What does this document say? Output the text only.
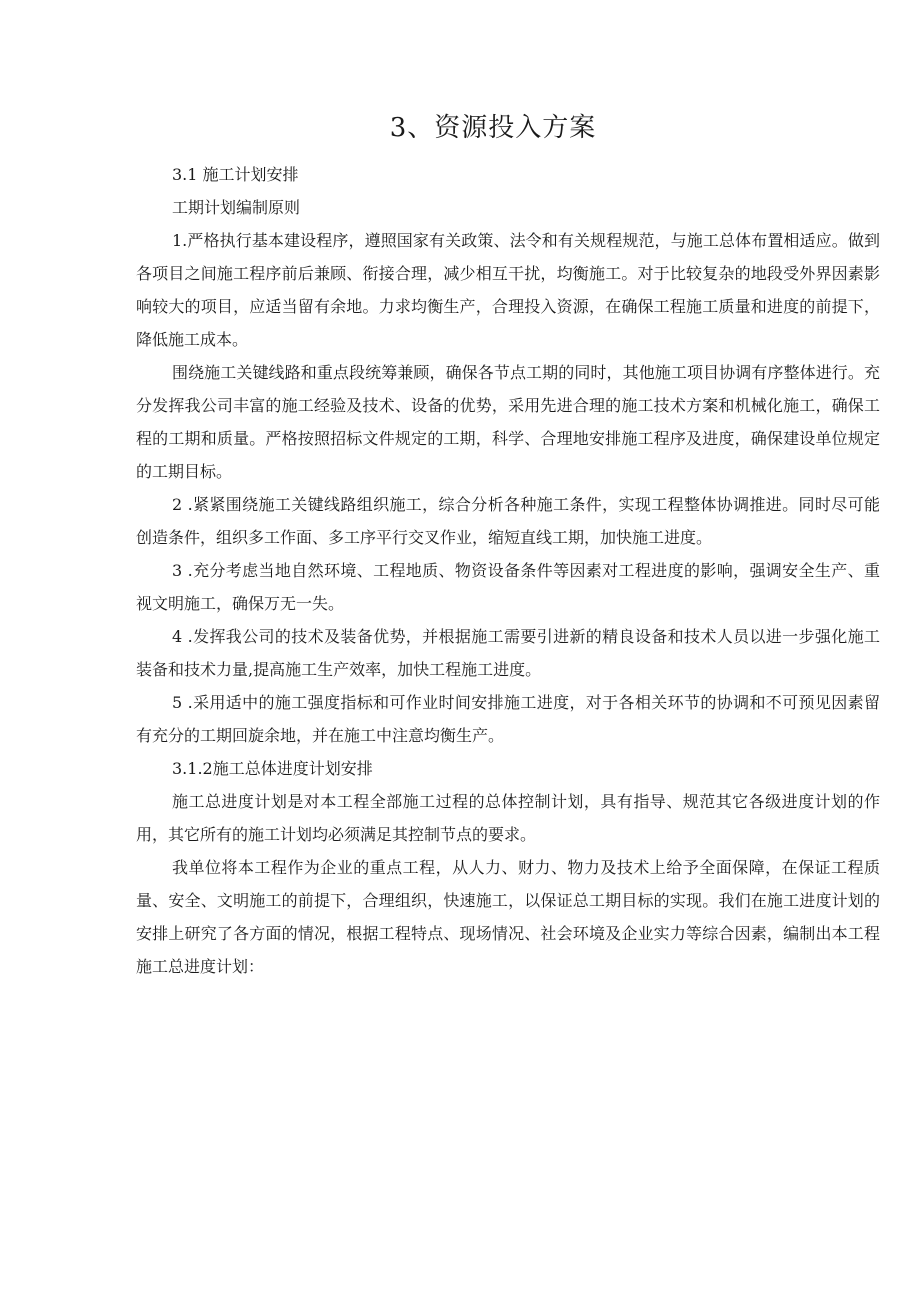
3、资源投入方案

3.1 施工计划安排

工期计划编制原则

1.严格执行基本建设程序，遵照国家有关政策、法令和有关规程规范，与施工总体布置相适应。做到各项目之间施工程序前后兼顾、衔接合理，减少相互干扰，均衡施工。对于比较复杂的地段受外界因素影响较大的项目，应适当留有余地。力求均衡生产，合理投入资源，在确保工程施工质量和进度的前提下，降低施工成本。

围绕施工关键线路和重点段统筹兼顾，确保各节点工期的同时，其他施工项目协调有序整体进行。充分发挥我公司丰富的施工经验及技术、设备的优势，采用先进合理的施工技术方案和机械化施工，确保工程的工期和质量。严格按照招标文件规定的工期，科学、合理地安排施工程序及进度，确保建设单位规定的工期目标。

2 .紧紧围绕施工关键线路组织施工，综合分析各种施工条件，实现工程整体协调推进。同时尽可能创造条件，组织多工作面、多工序平行交叉作业，缩短直线工期，加快施工进度。

3 .充分考虑当地自然环境、工程地质、物资设备条件等因素对工程进度的影响，强调安全生产、重视文明施工，确保万无一失。

4 .发挥我公司的技术及装备优势，并根据施工需要引进新的精良设备和技术人员以进一步强化施工装备和技术力量,提高施工生产效率，加快工程施工进度。

5 .采用适中的施工强度指标和可作业时间安排施工进度，对于各相关环节的协调和不可预见因素留有充分的工期回旋余地，并在施工中注意均衡生产。

3.1.2施工总体进度计划安排

施工总进度计划是对本工程全部施工过程的总体控制计划，具有指导、规范其它各级进度计划的作用，其它所有的施工计划均必须满足其控制节点的要求。

我单位将本工程作为企业的重点工程，从人力、财力、物力及技术上给予全面保障，在保证工程质量、安全、文明施工的前提下，合理组织，快速施工，以保证总工期目标的实现。我们在施工进度计划的安排上研究了各方面的情况，根据工程特点、现场情况、社会环境及企业实力等综合因素，编制出本工程施工总进度计划：
